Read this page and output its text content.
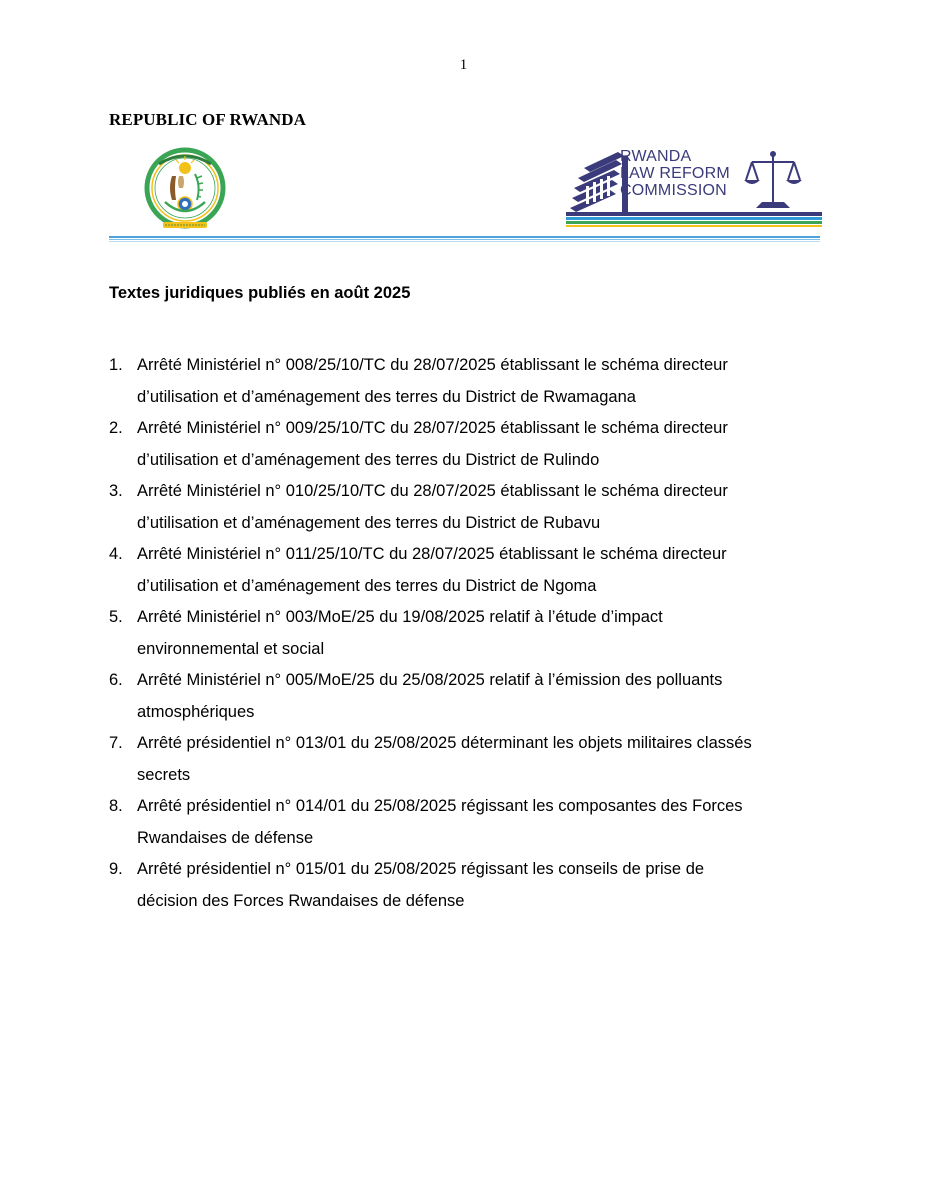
1
REPUBLIC OF RWANDA
RWANDA
LAW REFORM
COMMISSION
Textes juridiques publiés en août 2025
1. Arrêté Ministériel n° 008/25/10/TC du 28/07/2025 établissant le schéma directeur
d’utilisation et d’aménagement des terres du District de Rwamagana
2. Arrêté Ministériel n° 009/25/10/TC du 28/07/2025 établissant le schéma directeur
d’utilisation et d’aménagement des terres du District de Rulindo
3. Arrêté Ministériel n° 010/25/10/TC du 28/07/2025 établissant le schéma directeur
d’utilisation et d’aménagement des terres du District de Rubavu
4. Arrêté Ministériel n° 011/25/10/TC du 28/07/2025 établissant le schéma directeur
d’utilisation et d’aménagement des terres du District de Ngoma
5. Arrêté Ministériel n° 003/MoE/25 du 19/08/2025 relatif à l’étude d’impact
environnemental et social
6. Arrêté Ministériel n° 005/MoE/25 du 25/08/2025 relatif à l’émission des polluants
atmosphériques
7. Arrêté présidentiel n° 013/01 du 25/08/2025 déterminant les objets militaires classés
secrets
8. Arrêté présidentiel n° 014/01 du 25/08/2025 régissant les composantes des Forces
Rwandaises de défense
9. Arrêté présidentiel n° 015/01 du 25/08/2025 régissant les conseils de prise de
décision des Forces Rwandaises de défense
